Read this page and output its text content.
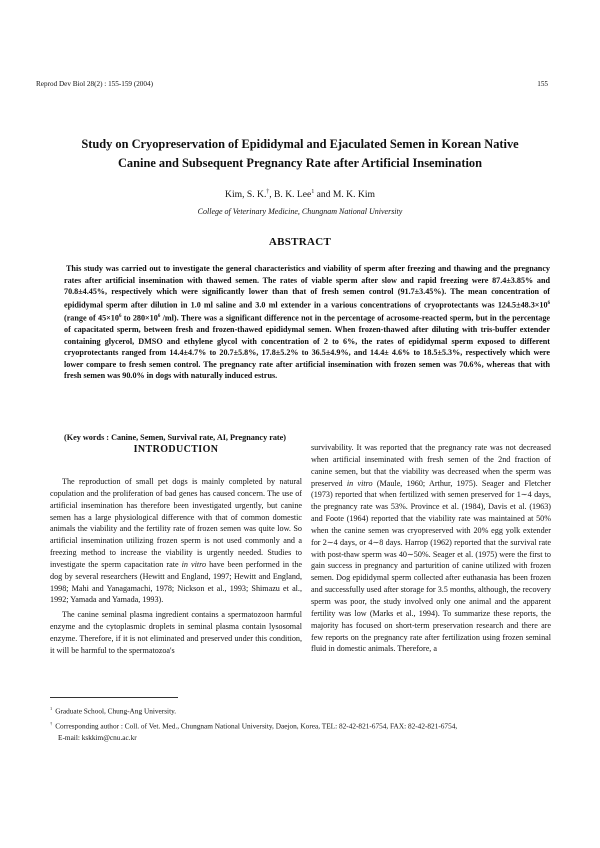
Reprod Dev Biol 28(2) : 155-159 (2004)	155
Study on Cryopreservation of Epididymal and Ejaculated Semen in Korean Native
Canine and Subsequent Pregnancy Rate after Artificial Insemination
Kim, S. K.†, B. K. Lee$^1$ and M. K. Kim
College of Veterinary Medicine, Chungnam National University
ABSTRACT
This study was carried out to investigate the general characteristics and viability of sperm after freezing and thawing and the pregnancy rates after artificial insemination with thawed semen. The rates of viable sperm after slow and rapid freezing were 87.4±3.85% and 70.8±4.45%, respectively which were significantly lower than that of fresh semen control (91.7±3.45%). The mean concentration of epididymal sperm after dilution in 1.0 ml saline and 3.0 ml extender in a various concentrations of cryoprotectants was $124.5\pm 48.3\times 10^6$ (range of $45\times 10^6$ to $280\times 10^6$ /ml). There was a significant difference not in the percentage of acrosome-reacted sperm, but in the percentage of capacitated sperm, between fresh and frozen-thawed epididymal semen. When frozen-thawed after diluting with tris-buffer extender containing glycerol, DMSO and ethylene glycol with concentration of 2 to 6%, the rates of epididymal sperm exposed to different cryoprotectants ranged from 14.4±4.7% to 20.7±5.8%, 17.8±5.2% to 36.5±4.9%, and 14.4± 4.6% to 18.5±5.3%, respectively which were lower compare to fresh semen control. The pregnancy rate after artificial insemination with frozen semen was 70.6%, whereas that with fresh semen was 90.0% in dogs with naturally induced estrus.
(Key words : Canine, Semen, Survival rate, AI, Pregnancy rate)
INTRODUCTION

The reproduction of small pet dogs is mainly completed by natural copulation and the proliferation of bad genes has caused concern. The use of artificial insemination has therefore been investigated urgently, but canine semen has a large physiological difference with that of common domestic animals the viability and the fertility rate of frozen semen was quite low. So artificial insemination utilizing frozen sperm is not used commonly and a freezing method to increase the viability is urgently needed. Studies to investigate the sperm capacitation rate in vitro have been performed in the dog by several researchers (Hewitt and England, 1997; Hewitt and England, 1998; Mahi and Yanagamachi, 1978; Nickson et al., 1993; Shimazu et al., 1992; Yamada and Yamada, 1993).

The canine seminal plasma ingredient contains a spermatozoon harmful enzyme and the cytoplasmic droplets in seminal plasma contain lysosomal enzyme. Therefore, if it is not eliminated and preserved under this condition, it will be harmful to the spermatozoa's

survivability. It was reported that the pregnancy rate was not decreased when artificial inseminated with fresh semen of the 2nd fraction of canine semen, but that the viability was decreased when the sperm was preserved in vitro (Maule, 1960; Arthur, 1975). Seager and Fletcher (1973) reported that when fertilized with semen preserved for 1∼4 days, the pregnancy rate was 53%. Province et al. (1984), Davis et al. (1963) and Foote (1964) reported that the viability rate was maintained at 50% when the canine semen was cryopreserved with 20% egg yolk extender for 2∼4 days, or 4∼8 days. Harrop (1962) reported that the survival rate with post-thaw sperm was 40∼50%. Seager et al. (1975) were the first to gain success in pregnancy and parturition of canine utilized with frozen semen. Dog epididymal sperm collected after euthanasia has been frozen and successfully used after storage for 3.5 months, although, the recovery sperm was poor, the study involved only one animal and the apparent fertility was low (Marks et al., 1994). To summarize these reports, the majority has focused on short-term preservation research and there are few reports on the pregnancy rate after fertilization using frozen seminal fluid in domestic animals. Therefore, a

$^1$ Graduate School, Chung-Ang University.
† Corresponding author : Coll. of Vet. Med., Chungnam National University, Daejon, Korea, TEL: 82-42-821-6754, FAX: 82-42-821-6754,
E-mail: kskkim@cnu.ac.kr
